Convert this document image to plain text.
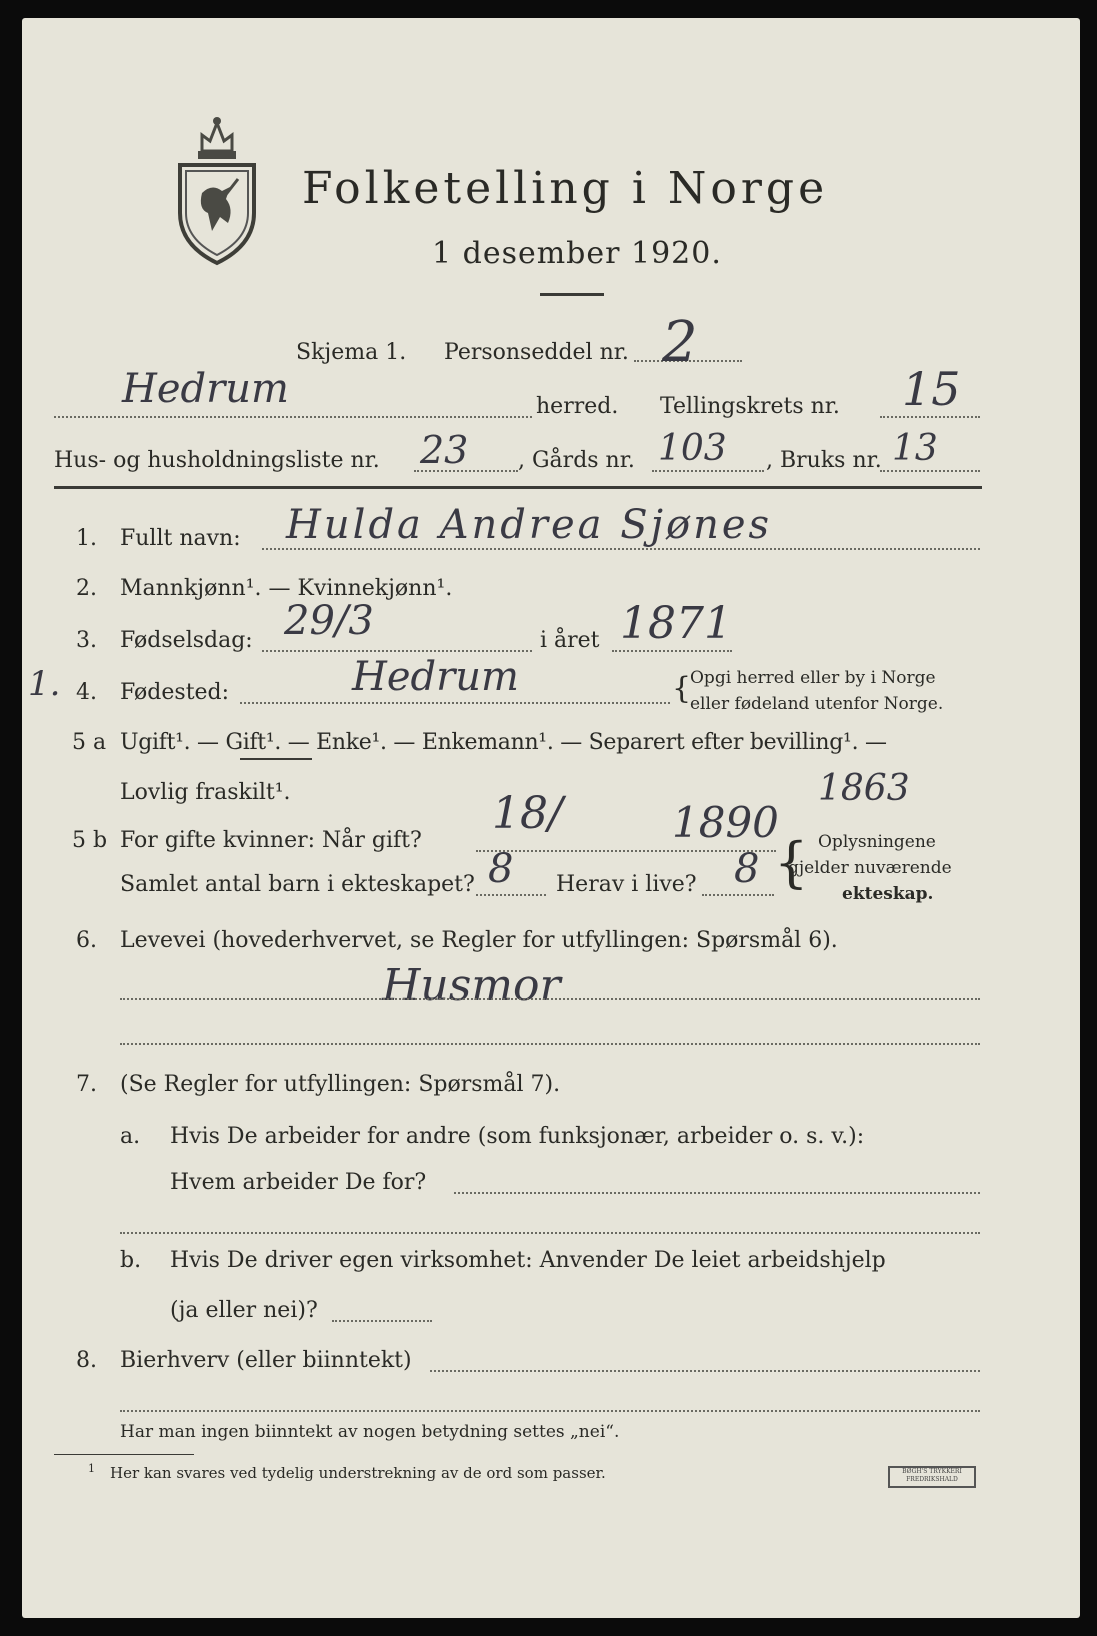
Folketelling i Norge
1 desember 1920.
Skjema 1. Personseddel nr. 2
Hedrum	herred. Tellingskrets nr. 15
Hus- og husholdningsliste nr. 23 , Gårds nr. 103 , Bruks nr. 13
1. Fullt navn: Hulda Andrea Sjønes
2. Mannkjønn¹. — Kvinnekjønn¹.
3. Fødselsdag: 29/3	i året 1871
1. 4. Fødested:	Hedrum	{
Opgi herred eller by i Norge
eller fødeland utenfor Norge.
5 a Ugift¹. — Gift¹. — Enke¹. — Enkemann¹. — Separert efter bevilling¹. —
Lovlig fraskilt¹.
5 b For gifte kvinner: Når gift?
18/	1890
1863
Samlet antal barn i ekteskapet? 8 Herav i live? 8 { Oplysningene
gjelder nuværende
ekteskap.
6. Levevei (hovederhvervet, se Regler for utfyllingen: Spørsmål 6).
Husmor
7. (Se Regler for utfyllingen: Spørsmål 7).
a. Hvis De arbeider for andre (som funksjonær, arbeider o. s. v.):
Hvem arbeider De for?
b. Hvis De driver egen virksomhet: Anvender De leiet arbeidshjelp
(ja eller nei)?
8. Bierhverv (eller biinntekt)
Har man ingen biinntekt av nogen betydning settes „nei“.
1 Her kan svares ved tydelig understrekning av de ord som passer.	BØGH'S TRYKKERI
FREDRIKSHALD
